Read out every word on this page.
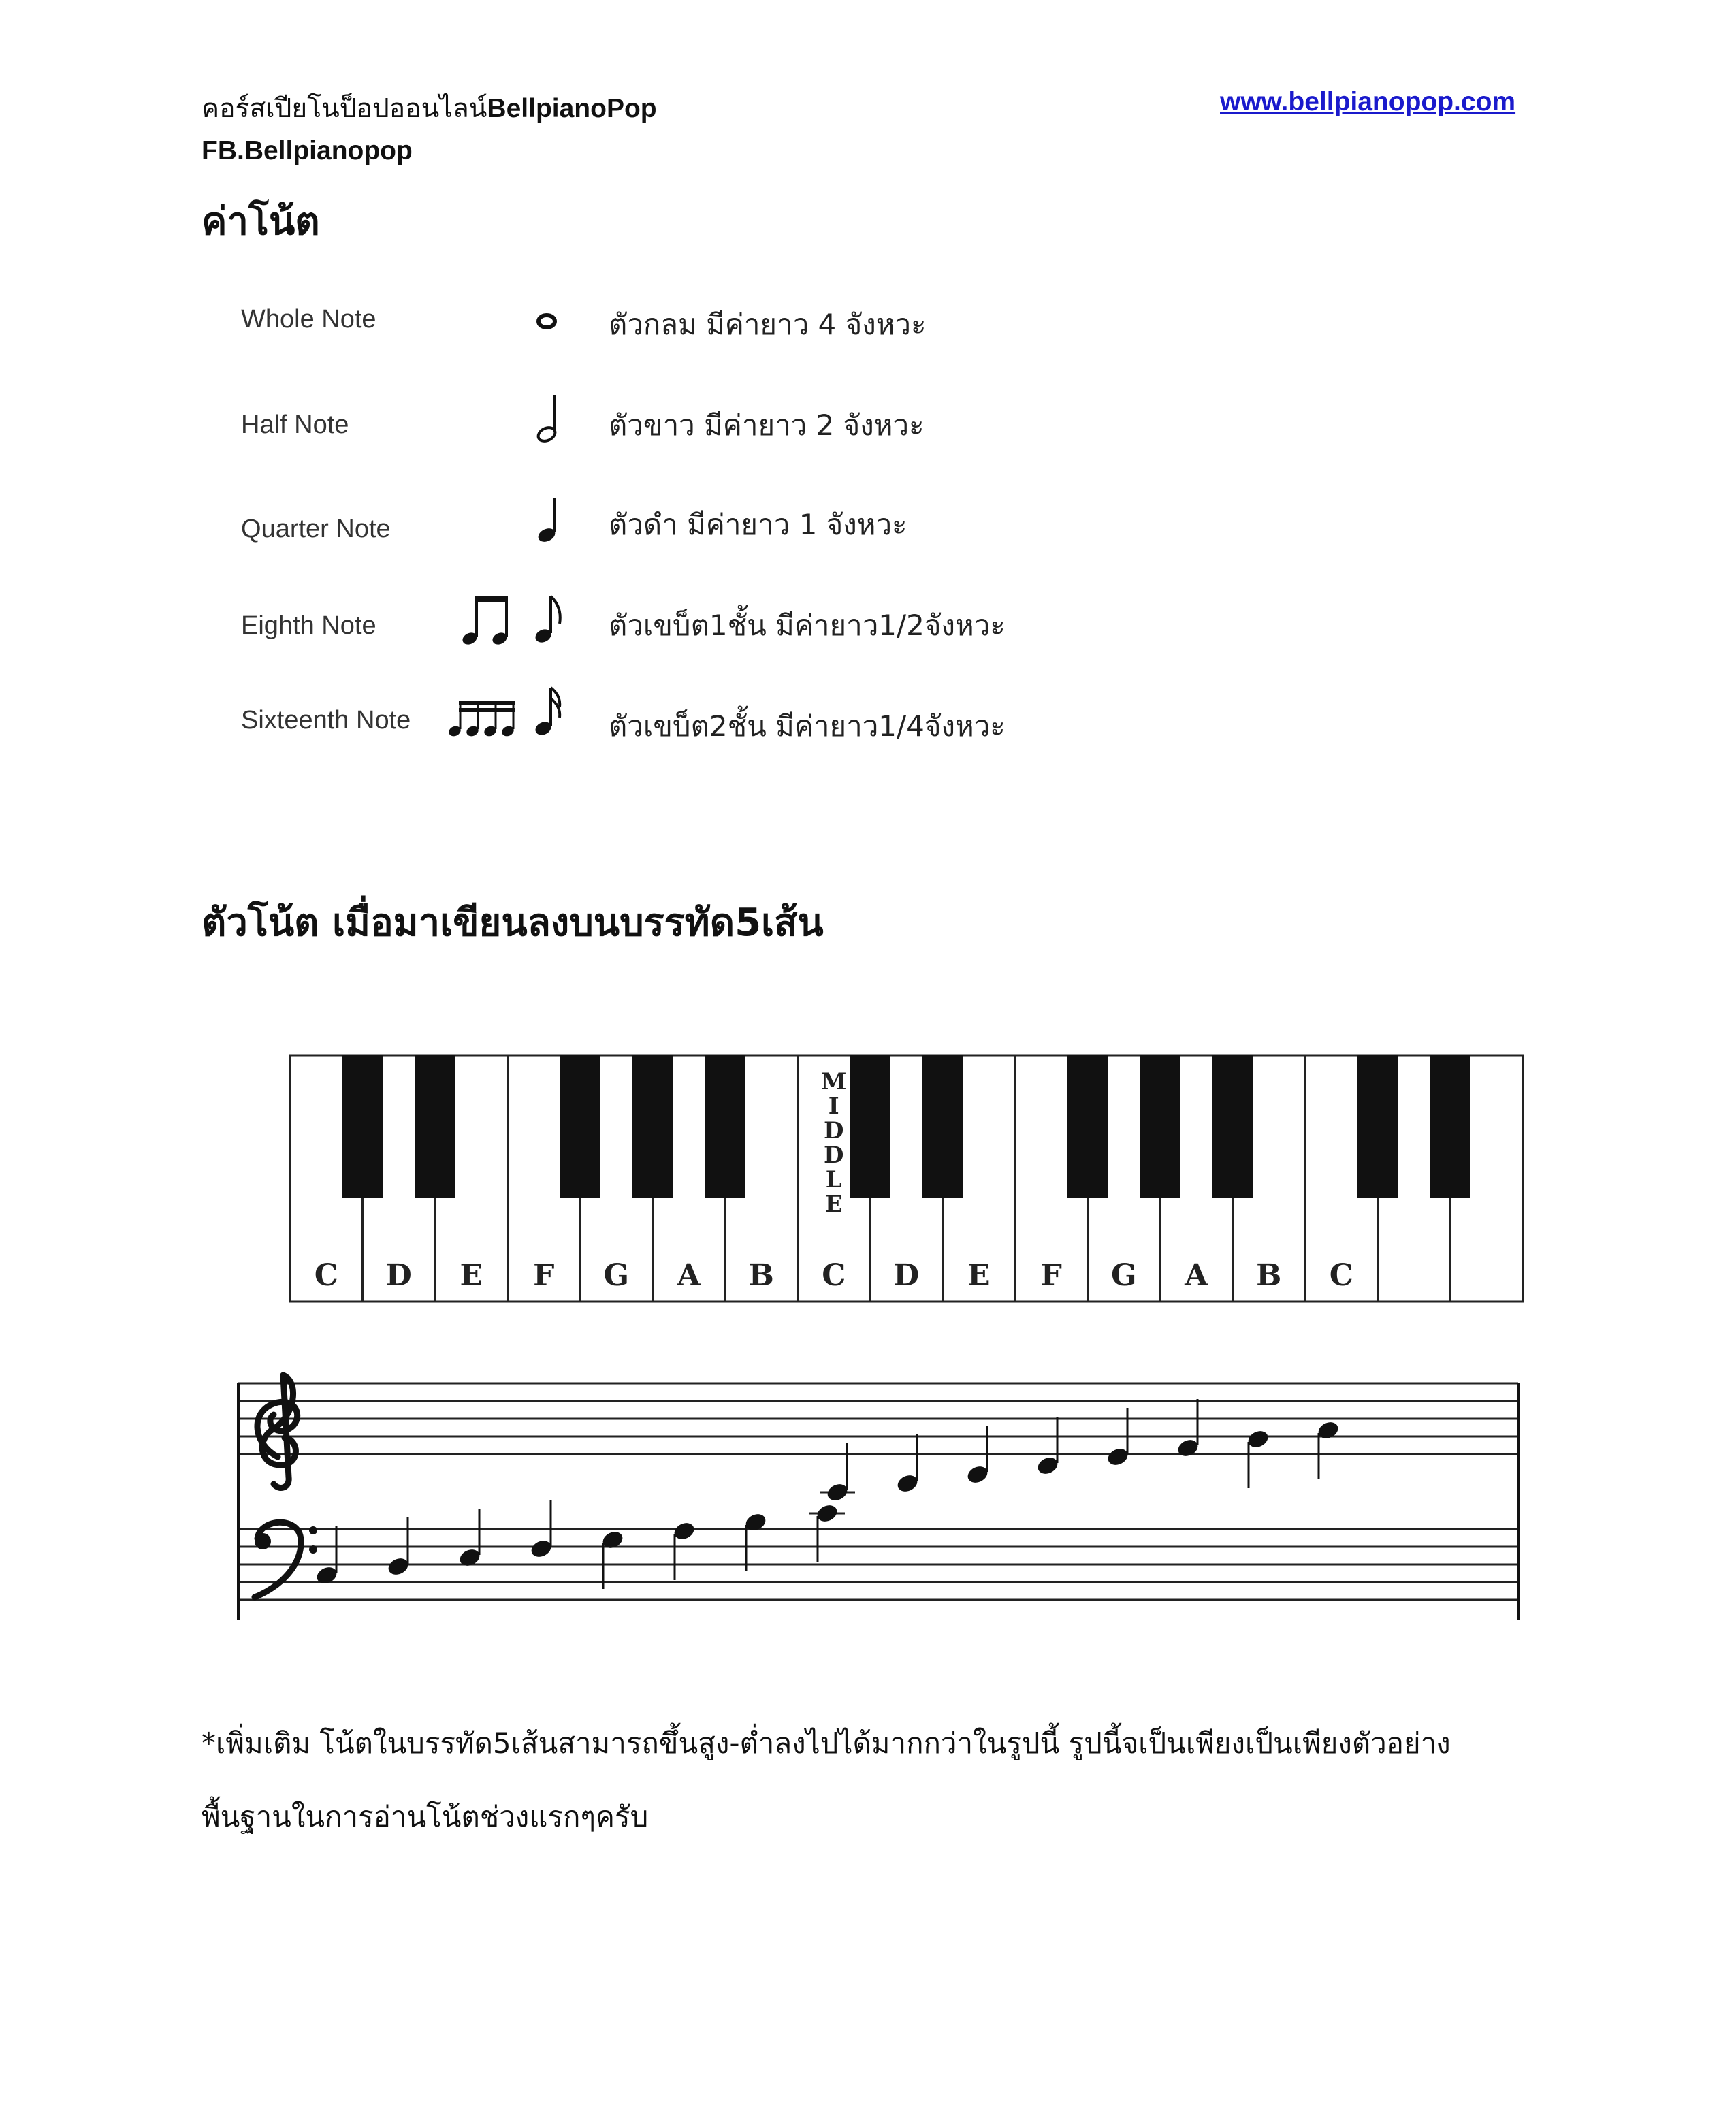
คอร์สเปียโนป็อปออนไลน์BellpianoPop	www.bellpianopop.com
FB.Bellpianopop
ค่าโน้ต
Whole Note
Half Note
Quarter Note
Eighth Note
Sixteenth Note
ตัวกลม มีค่ายาว 4 จังหวะ
ตัวขาว มีค่ายาว 2 จังหวะ
ตัวดำ มีค่ายาว 1 จังหวะ
ตัวเขบ็ต1ชั้น มีค่ายาว1/2จังหวะ
ตัวเขบ็ต2ชั้น มีค่ายาว1/4จังหวะ
ตัวโน้ต เมื่อมาเขียนลงบนบรรทัด5เส้น
C D E F G A B C D E F G A B C
M
I
D
D
L
E
*เพิ่มเติม โน้ตในบรรทัด5เส้นสามารถขึ้นสูง-ต่ำลงไปได้มากกว่าในรูปนี้ รูปนี้จเป็นเพียงเป็นเพียงตัวอย่าง
พื้นฐานในการอ่านโน้ตช่วงแรกๆครับ
